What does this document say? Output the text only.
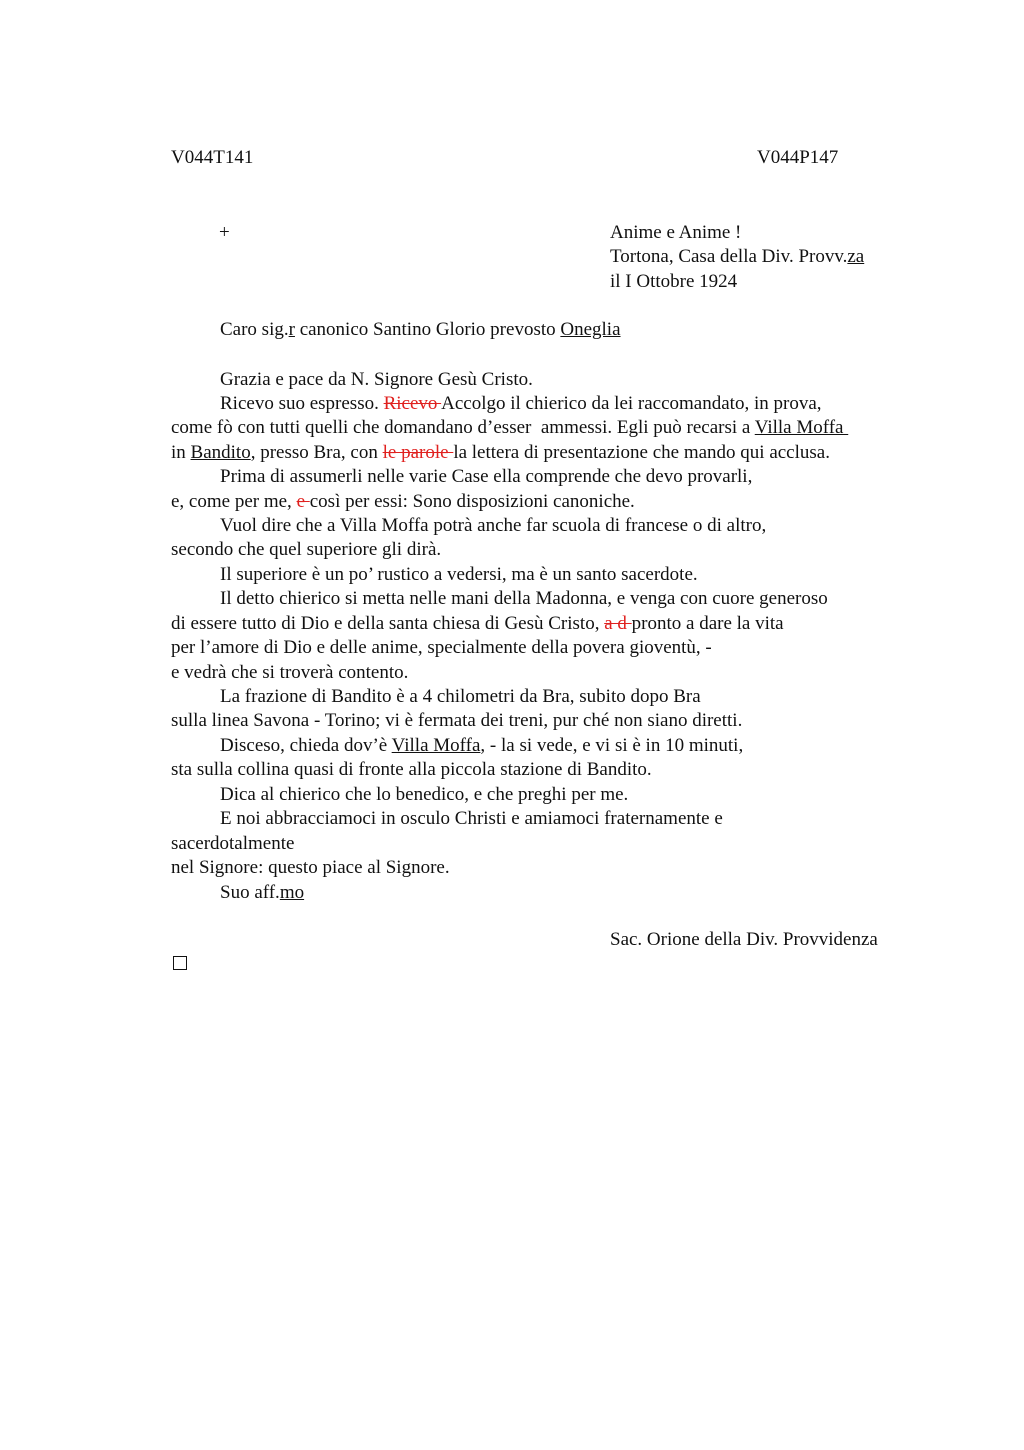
V044T141	V044P147
+	Anime e Anime !
Tortona, Casa della Div. Provv.za
il I Ottobre 1924
Caro sig.r canonico Santino Glorio prevosto Oneglia
Grazia e pace da N. Signore Gesù Cristo.
Ricevo suo espresso. Ricevo Accolgo il chierico da lei raccomandato, in prova,
come fò con tutti quelli che domandano d’esser  ammessi. Egli può recarsi a Villa Moffa
in Bandito, presso Bra, con le parole la lettera di presentazione che mando qui acclusa.
Prima di assumerli nelle varie Case ella comprende che devo provarli,
e, come per me, e così per essi: Sono disposizioni canoniche.
Vuol dire che a Villa Moffa potrà anche far scuola di francese o di altro,
secondo che quel superiore gli dirà.
Il superiore è un po’ rustico a vedersi, ma è un santo sacerdote.
Il detto chierico si metta nelle mani della Madonna, e venga con cuore generoso
di essere tutto di Dio e della santa chiesa di Gesù Cristo, a d pronto a dare la vita
per l’amore di Dio e delle anime, specialmente della povera gioventù, -
e vedrà che si troverà contento.
La frazione di Bandito è a 4 chilometri da Bra, subito dopo Bra
sulla linea Savona - Torino; vi è fermata dei treni, pur ché non siano diretti.
Disceso, chieda dov’è Villa Moffa, - la si vede, e vi si è in 10 minuti,
sta sulla collina quasi di fronte alla piccola stazione di Bandito.
Dica al chierico che lo benedico, e che preghi per me.
E noi abbracciamoci in osculo Christi e amiamoci fraternamente e
sacerdotalmente
nel Signore: questo piace al Signore.
Suo aff.mo
Sac. Orione della Div. Provvidenza
